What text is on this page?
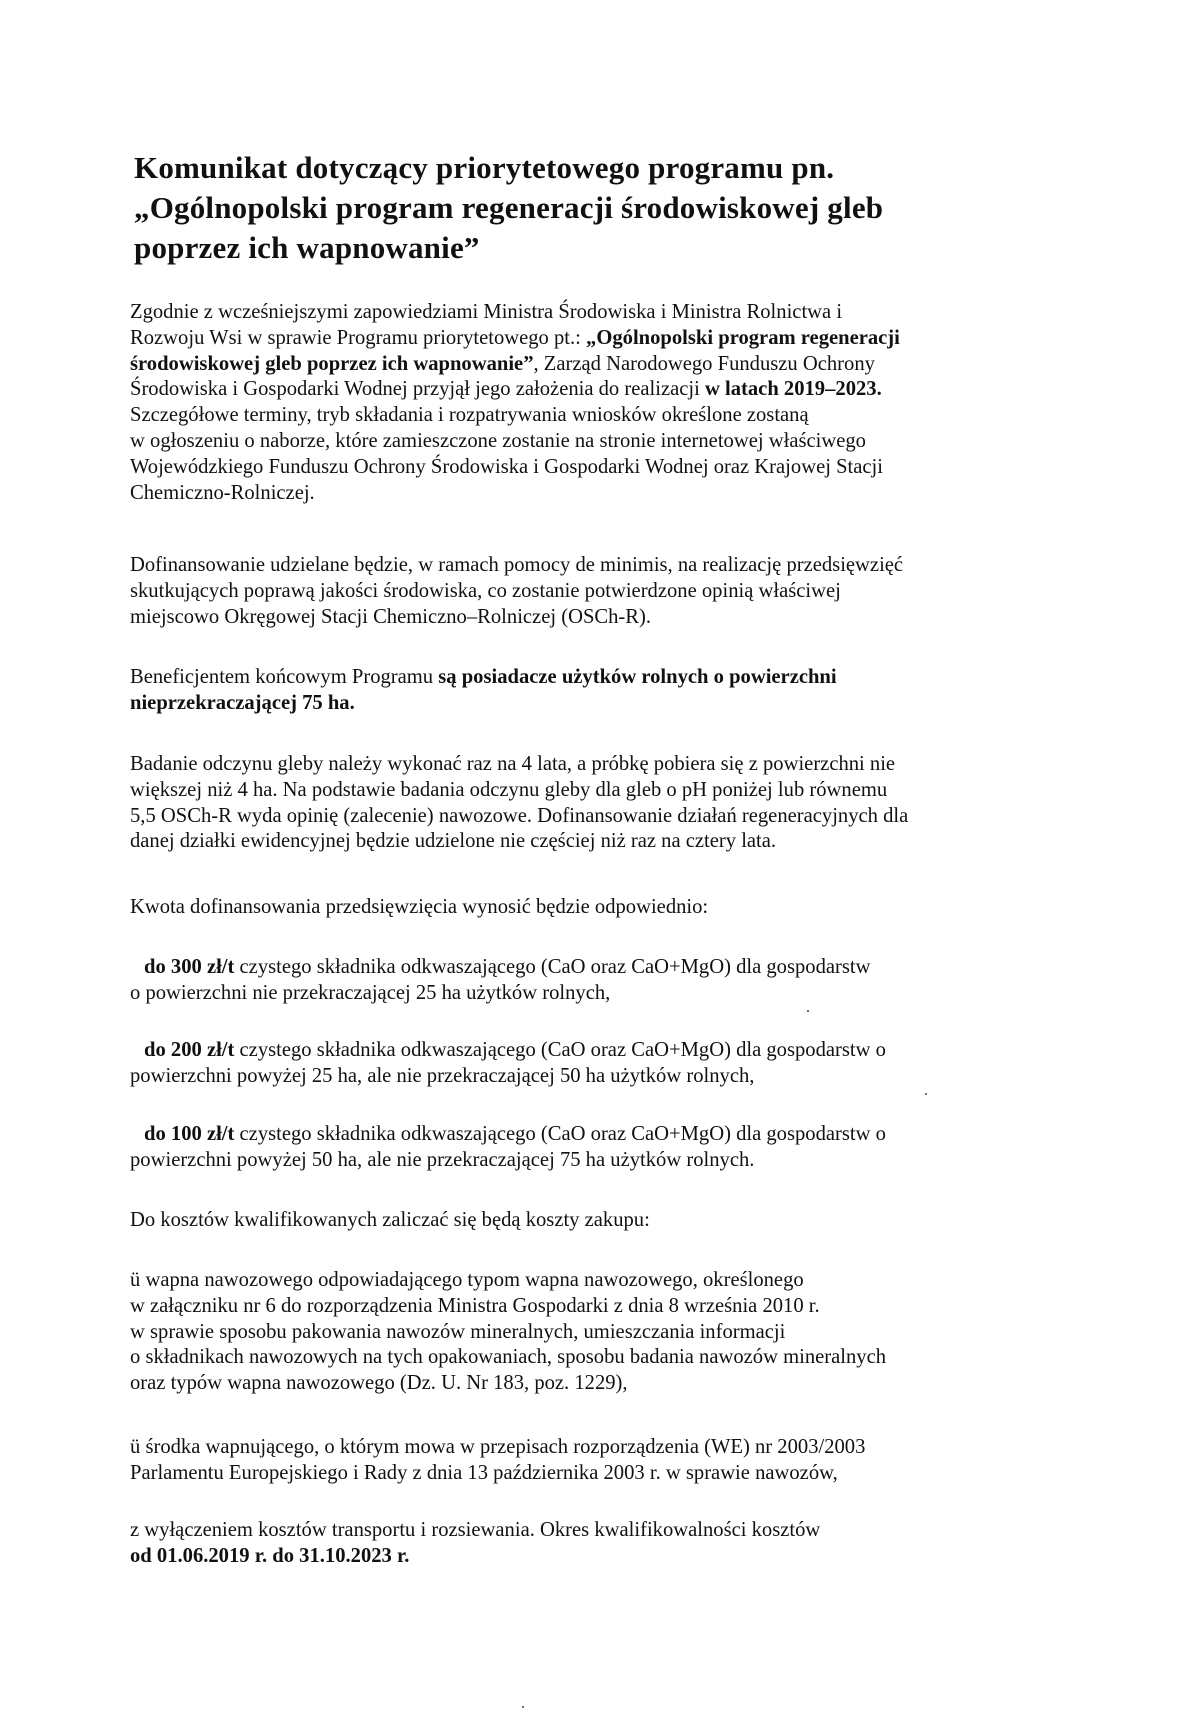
Komunikat dotyczący priorytetowego programu pn.
„Ogólnopolski program regeneracji środowiskowej gleb
poprzez ich wapnowanie”
Zgodnie z wcześniejszymi zapowiedziami Ministra Środowiska i Ministra Rolnictwa i
Rozwoju Wsi w sprawie Programu priorytetowego pt.: „Ogólnopolski program regeneracji
środowiskowej gleb poprzez ich wapnowanie”, Zarząd Narodowego Funduszu Ochrony
Środowiska i Gospodarki Wodnej przyjął jego założenia do realizacji w latach 2019–2023.
Szczegółowe terminy, tryb składania i rozpatrywania wniosków określone zostaną
w ogłoszeniu o naborze, które zamieszczone zostanie na stronie internetowej właściwego
Wojewódzkiego Funduszu Ochrony Środowiska i Gospodarki Wodnej oraz Krajowej Stacji
Chemiczno-Rolniczej.
Dofinansowanie udzielane będzie, w ramach pomocy de minimis, na realizację przedsięwzięć
skutkujących poprawą jakości środowiska, co zostanie potwierdzone opinią właściwej
miejscowo Okręgowej Stacji Chemiczno–Rolniczej (OSCh-R).
Beneficjentem końcowym Programu są posiadacze użytków rolnych o powierzchni
nieprzekraczającej 75 ha.
Badanie odczynu gleby należy wykonać raz na 4 lata, a próbkę pobiera się z powierzchni nie
większej niż 4 ha. Na podstawie badania odczynu gleby dla gleb o pH poniżej lub równemu
5,5 OSCh-R wyda opinię (zalecenie) nawozowe. Dofinansowanie działań regeneracyjnych dla
danej działki ewidencyjnej będzie udzielone nie częściej niż raz na cztery lata.
Kwota dofinansowania przedsięwzięcia wynosić będzie odpowiednio:
do 300 zł/t czystego składnika odkwaszającego (CaO oraz CaO+MgO) dla gospodarstw
o powierzchni nie przekraczającej 25 ha użytków rolnych,
do 200 zł/t czystego składnika odkwaszającego (CaO oraz CaO+MgO) dla gospodarstw o
powierzchni powyżej 25 ha, ale nie przekraczającej 50 ha użytków rolnych,
do 100 zł/t czystego składnika odkwaszającego (CaO oraz CaO+MgO) dla gospodarstw o
powierzchni powyżej 50 ha, ale nie przekraczającej 75 ha użytków rolnych.
Do kosztów kwalifikowanych zaliczać się będą koszty zakupu:
ü wapna nawozowego odpowiadającego typom wapna nawozowego, określonego
w załączniku nr 6 do rozporządzenia Ministra Gospodarki z dnia 8 września 2010 r.
w sprawie sposobu pakowania nawozów mineralnych, umieszczania informacji
o składnikach nawozowych na tych opakowaniach, sposobu badania nawozów mineralnych
oraz typów wapna nawozowego (Dz. U. Nr 183, poz. 1229),
ü środka wapnującego, o którym mowa w przepisach rozporządzenia (WE) nr 2003/2003
Parlamentu Europejskiego i Rady z dnia 13 października 2003 r. w sprawie nawozów,
z wyłączeniem kosztów transportu i rozsiewania. Okres kwalifikowalności kosztów
od 01.06.2019 r. do 31.10.2023 r.
